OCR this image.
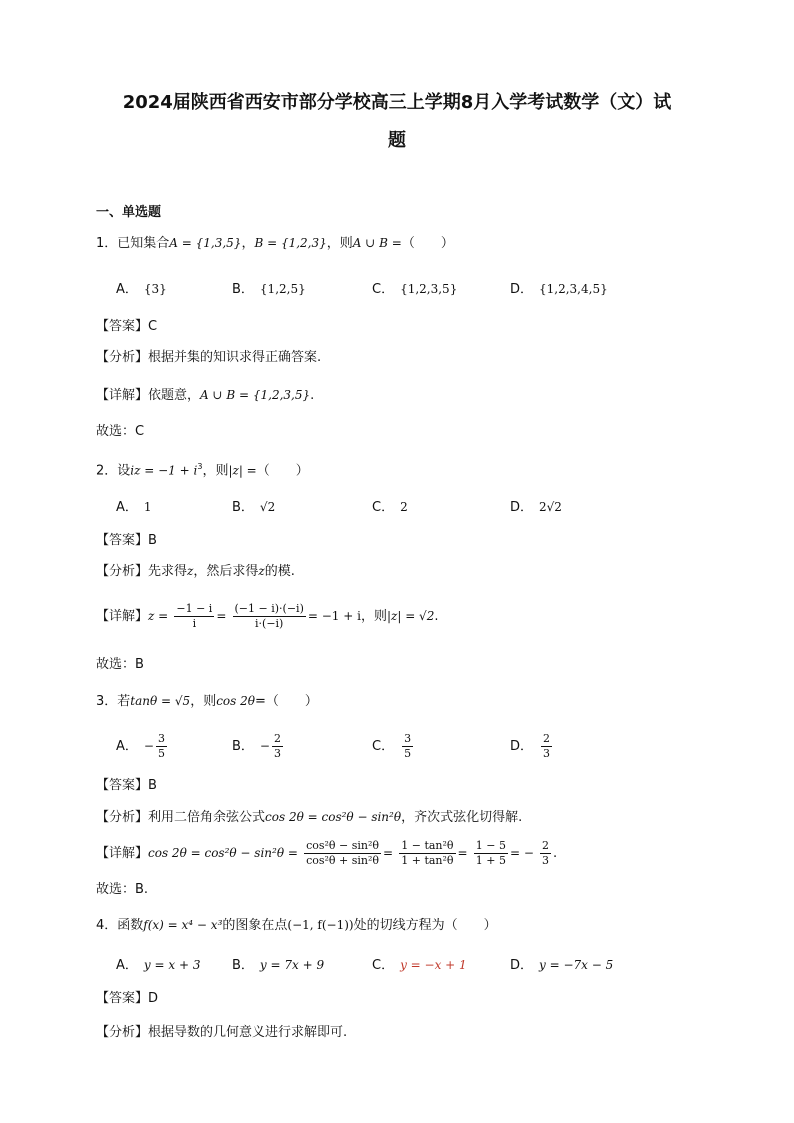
2024届陕西省西安市部分学校高三上学期8月入学考试数学（文）试
题
一、单选题
1．已知集合A = {1,3,5}，B = {1,2,3}，则A ∪ B =（　　）
A． {3}	B． {1,2,5}	C． {1,2,3,5}	D． {1,2,3,4,5}
【答案】C
【分析】根据并集的知识求得正确答案.
【详解】依题意，A ∪ B = {1,2,3,5}.
故选：C
2．设iz = $-1 + i^3$，则|z| =（　　）
A． 1	B． √2	C． 2	D． 2√2
【答案】B
【分析】先求得z，然后求得z的模.
【详解】$z = \frac{-1 - i}{i} = \frac{(-1 - i)\cdot(-i)}{i\cdot(-i)} = -1 + i$，则|z| = √2.
故选：B
3．若tanθ = √5，则cos 2θ=（　　）
A． − $\frac{3}{5}$	B． − $\frac{2}{3}$	C． $\frac{3}{5}$	D． $\frac{2}{3}$
【答案】B
【分析】利用二倍角余弦公式cos 2θ = cos²θ − sin²θ，齐次式弦化切得解.
【详解】$\cos 2\theta = \cos^2\theta - \sin^2\theta = \frac{\text{cos²θ − sin²θ}}{\text{cos²θ + sin²θ}} = \frac{\text{1 − tan²θ}}{\text{1 + tan²θ}} = \frac{1 - 5}{1 + 5}$ = − $\frac{2}{3}$ .
故选：B.
4．函数f(x) = x⁴ − x³的图象在点(−1, f(−1))处的切线方程为（　　）
A． y = x + 3 B． y = 7x + 9	C． y = −x + 1	D． y = −7x − 5
【答案】D
【分析】根据导数的几何意义进行求解即可.
